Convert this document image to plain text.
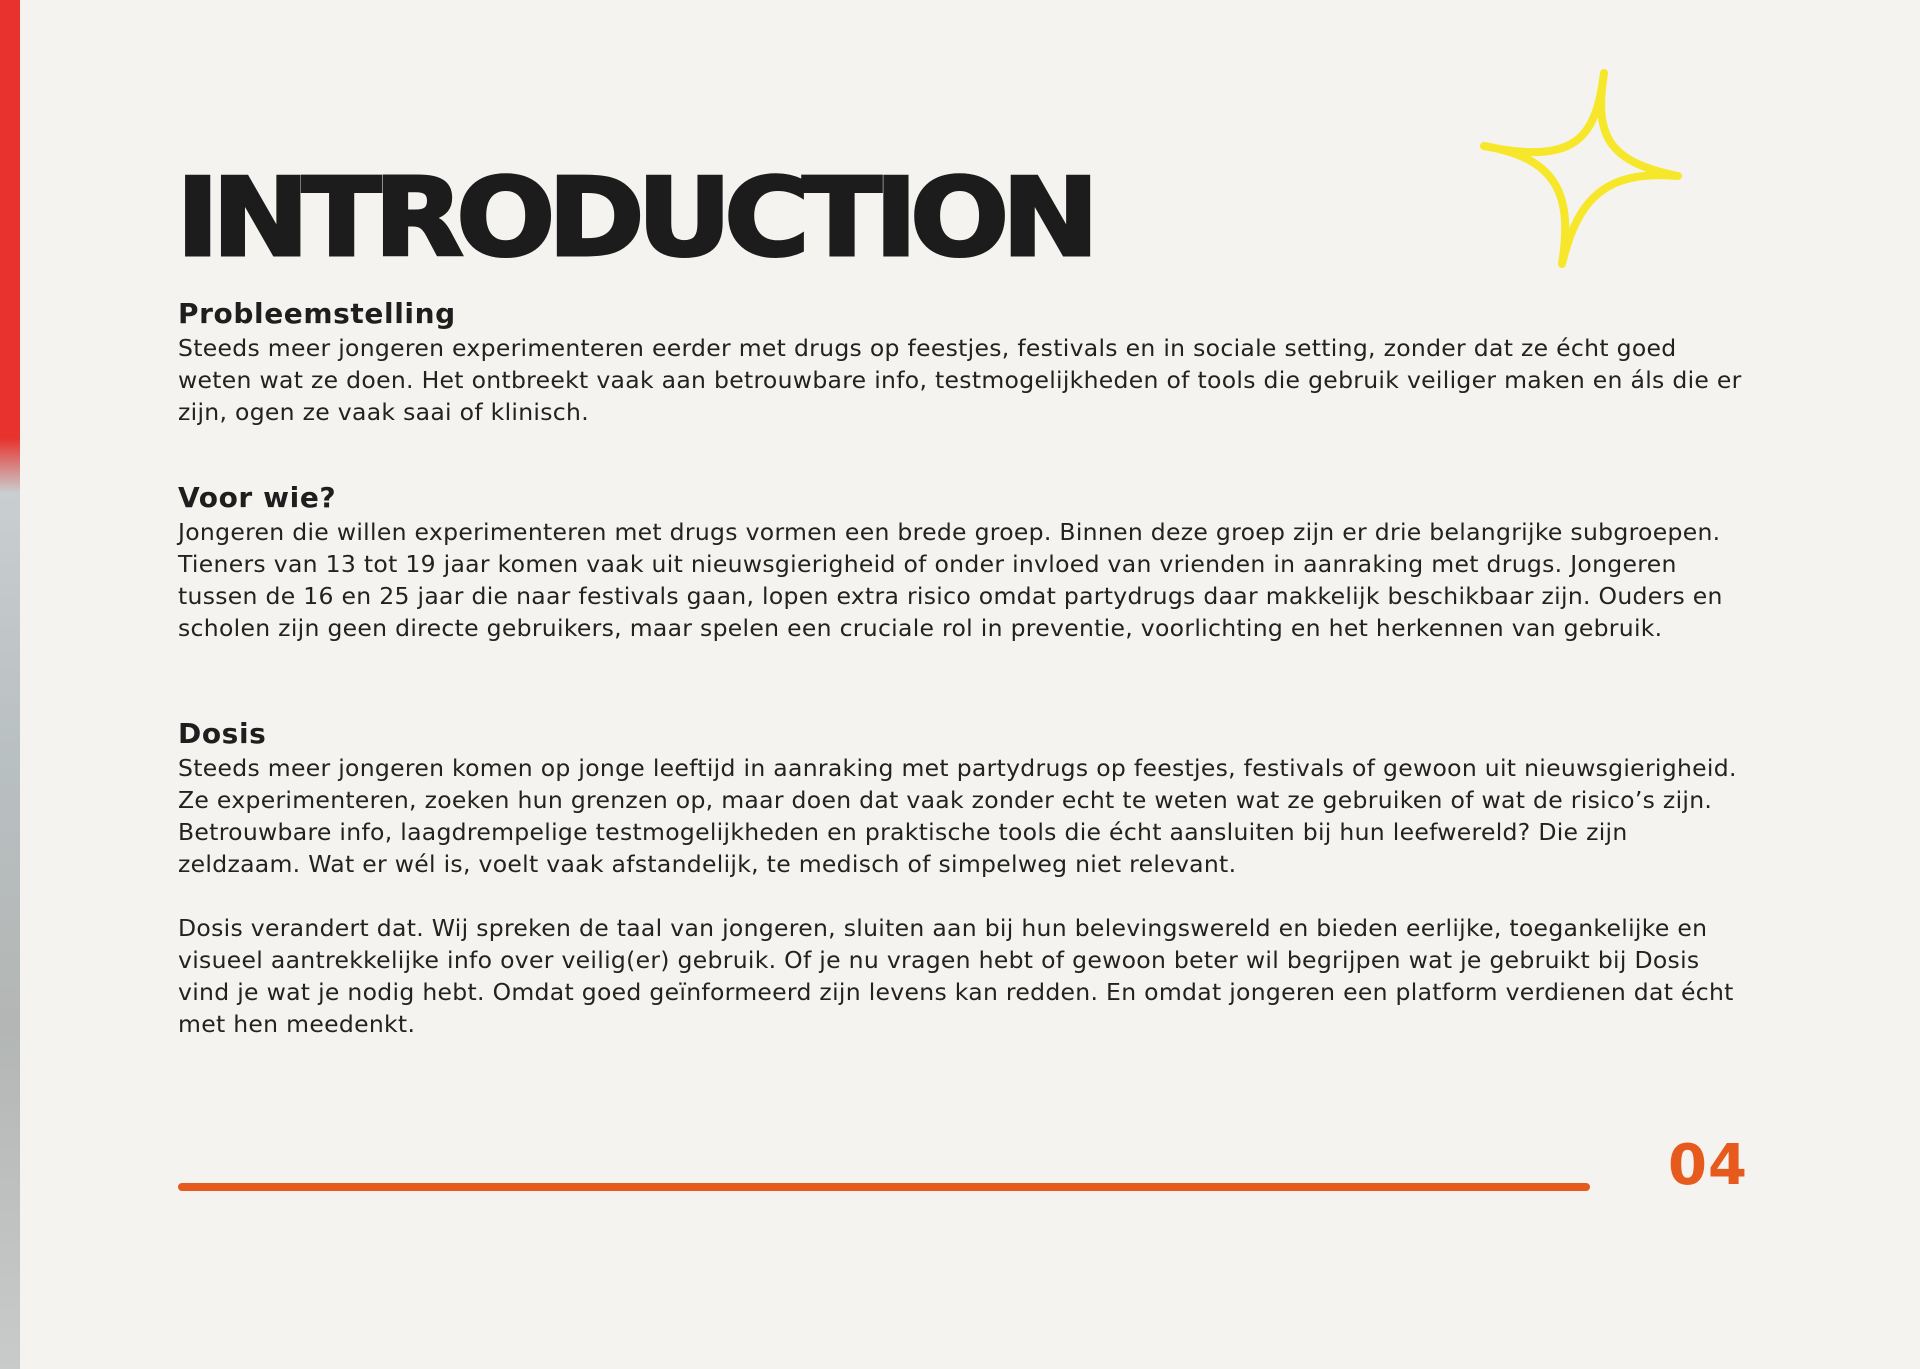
INTRODUCTION
Probleemstelling

Steeds meer jongeren experimenteren eerder met drugs op feestjes, festivals en in sociale setting, zonder dat ze écht goed weten wat ze doen. Het ontbreekt vaak aan betrouwbare info, testmogelijkheden of tools die gebruik veiliger maken en áls die er zijn, ogen ze vaak saai of klinisch.

Voor wie?

Jongeren die willen experimenteren met drugs vormen een brede groep. Binnen deze groep zijn er drie belangrijke subgroepen. Tieners van 13 tot 19 jaar komen vaak uit nieuwsgierigheid of onder invloed van vrienden in aanraking met drugs. Jongeren tussen de 16 en 25 jaar die naar festivals gaan, lopen extra risico omdat partydrugs daar makkelijk beschikbaar zijn. Ouders en scholen zijn geen directe gebruikers, maar spelen een cruciale rol in preventie, voorlichting en het herkennen van gebruik.

Dosis

Steeds meer jongeren komen op jonge leeftijd in aanraking met partydrugs op feestjes, festivals of gewoon uit nieuwsgierigheid. Ze experimenteren, zoeken hun grenzen op, maar doen dat vaak zonder echt te weten wat ze gebruiken of wat de risico’s zijn. Betrouwbare info, laagdrempelige testmogelijkheden en praktische tools die écht aansluiten bij hun leefwereld? Die zijn zeldzaam. Wat er wél is, voelt vaak afstandelijk, te medisch of simpelweg niet relevant.

Dosis verandert dat. Wij spreken de taal van jongeren, sluiten aan bij hun belevingswereld en bieden eerlijke, toegankelijke en visueel aantrekkelijke info over veilig(er) gebruik. Of je nu vragen hebt of gewoon beter wil begrijpen wat je gebruikt bij Dosis vind je wat je nodig hebt. Omdat goed geïnformeerd zijn levens kan redden. En omdat jongeren een platform verdienen dat écht met hen meedenkt.

04
